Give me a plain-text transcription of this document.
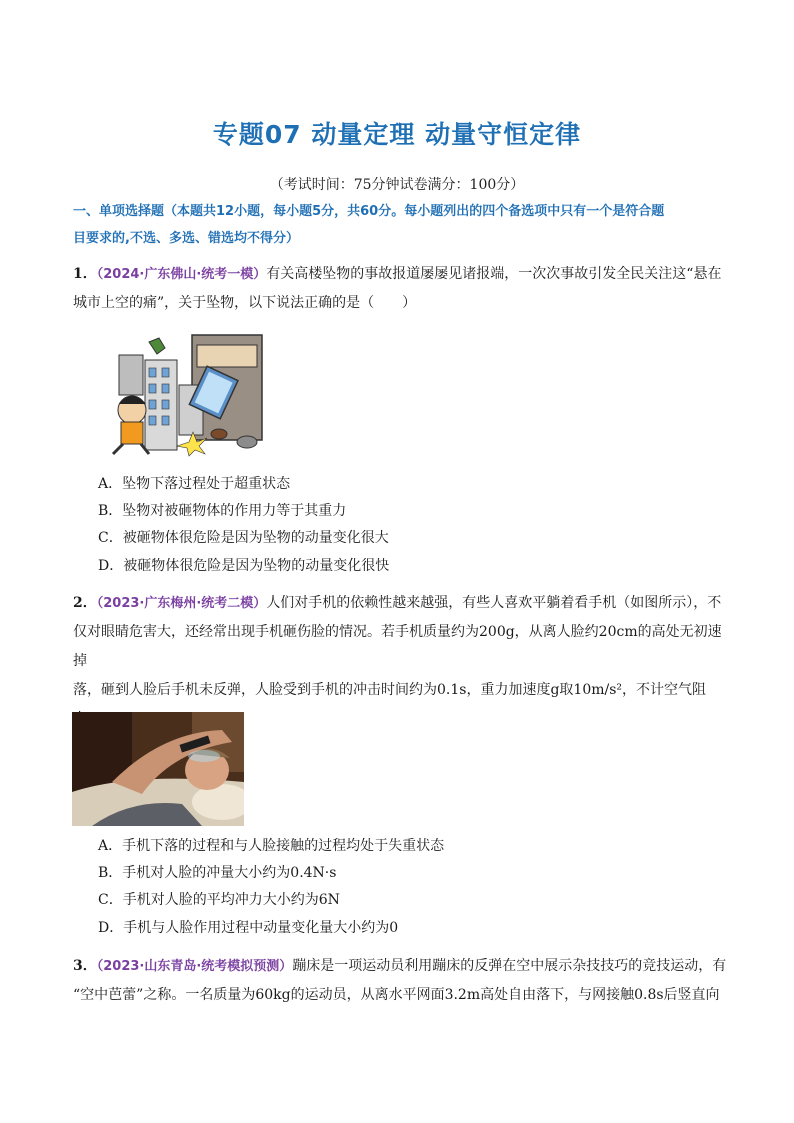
专题07 动量定理 动量守恒定律
（考试时间：75分钟试卷满分：100分）
一、单项选择题（本题共12小题，每小题5分，共60分。每小题列出的四个备选项中只有一个是符合题
目要求的,不选、多选、错选均不得分）
1．（2024·广东佛山·统考一模）有关高楼坠物的事故报道屡屡见诸报端，一次次事故引发全民关注这“悬在
城市上空的痛”，关于坠物，以下说法正确的是（　　）
A．坠物下落过程处于超重状态
B．坠物对被砸物体的作用力等于其重力
C．被砸物体很危险是因为坠物的动量变化很大
D．被砸物体很危险是因为坠物的动量变化很快
2．（2023·广东梅州·统考二模）人们对手机的依赖性越来越强，有些人喜欢平躺着看手机（如图所示），不
仅对眼睛危害大，还经常出现手机砸伤脸的情况。若手机质量约为200g，从离人脸约20cm的高处无初速掉
落，砸到人脸后手机未反弹，人脸受到手机的冲击时间约为0.1s，重力加速度g取10m/s²，不计空气阻
A．手机下落的过程和与人脸接触的过程均处于失重状态
B．手机对人脸的冲量大小约为0.4N·s
C．手机对人脸的平均冲力大小约为6N
D．手机与人脸作用过程中动量变化量大小约为0
3．（2023·山东青岛·统考模拟预测）蹦床是一项运动员利用蹦床的反弹在空中展示杂技技巧的竞技运动，有
“空中芭蕾”之称。一名质量为60kg的运动员，从离水平网面3.2m高处自由落下，与网接触0.8s后竖直向
